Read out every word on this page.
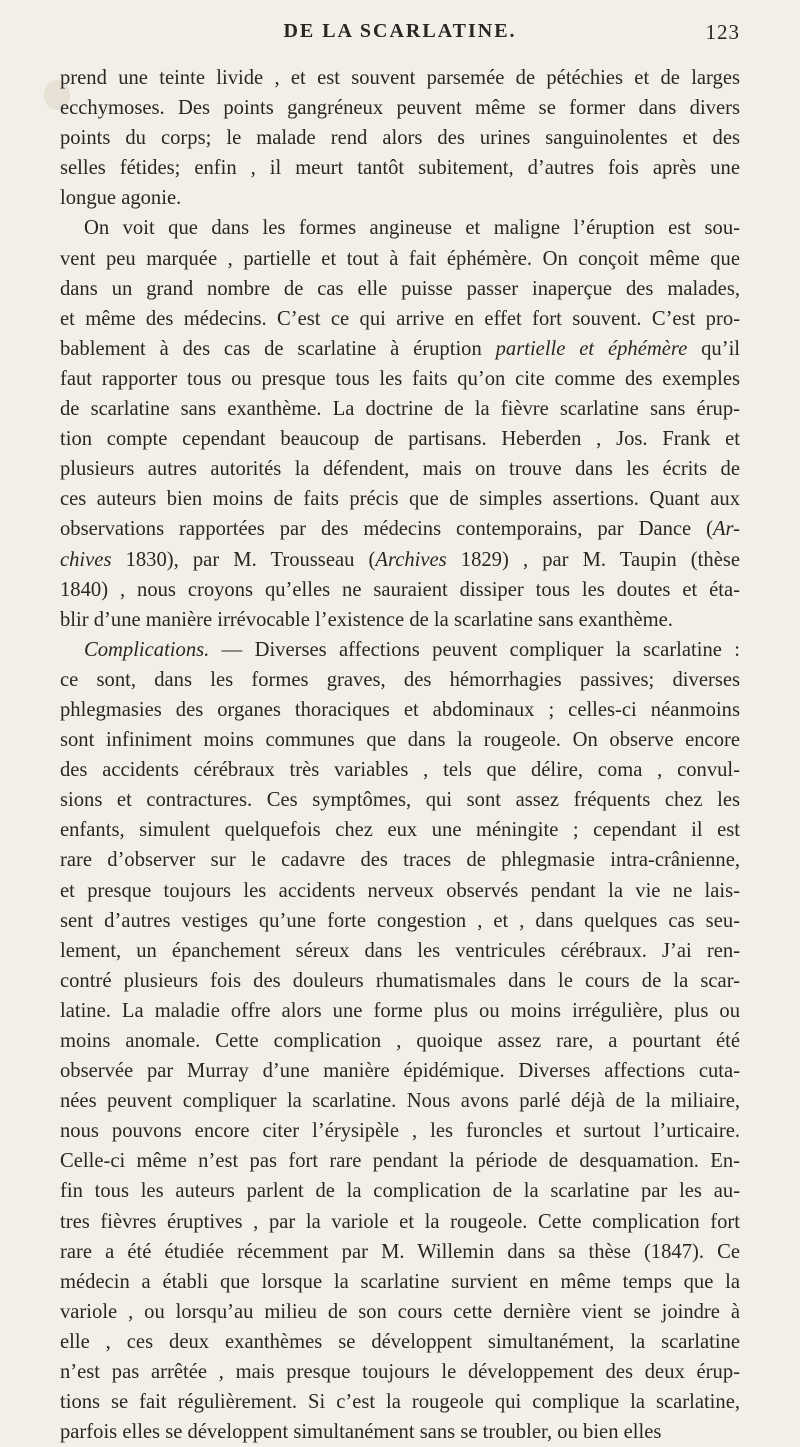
DE LA SCARLATINE.	123
prend une teinte livide , et est souvent parsemée de pétéchies et de larges
ecchymoses. Des points gangréneux peuvent même se former dans divers
points du corps; le malade rend alors des urines sanguinolentes et des
selles fétides; enfin , il meurt tantôt subitement, d’autres fois après une
longue agonie.
On voit que dans les formes angineuse et maligne l’éruption est sou-
vent peu marquée , partielle et tout à fait éphémère. On conçoit même que
dans un grand nombre de cas elle puisse passer inaperçue des malades,
et même des médecins. C’est ce qui arrive en effet fort souvent. C’est pro-
bablement à des cas de scarlatine à éruption partielle et éphémère qu’il
faut rapporter tous ou presque tous les faits qu’on cite comme des exemples
de scarlatine sans exanthème. La doctrine de la fièvre scarlatine sans érup-
tion compte cependant beaucoup de partisans. Heberden , Jos. Frank et
plusieurs autres autorités la défendent, mais on trouve dans les écrits de
ces auteurs bien moins de faits précis que de simples assertions. Quant aux
observations rapportées par des médecins contemporains, par Dance (Ar-
chives 1830), par M. Trousseau (Archives 1829) , par M. Taupin (thèse
1840) , nous croyons qu’elles ne sauraient dissiper tous les doutes et éta-
blir d’une manière irrévocable l’existence de la scarlatine sans exanthème.
Complications. — Diverses affections peuvent compliquer la scarlatine :
ce sont, dans les formes graves, des hémorrhagies passives; diverses
phlegmasies des organes thoraciques et abdominaux ; celles-ci néanmoins
sont infiniment moins communes que dans la rougeole. On observe encore
des accidents cérébraux très variables , tels que délire, coma , convul-
sions et contractures. Ces symptômes, qui sont assez fréquents chez les
enfants, simulent quelquefois chez eux une méningite ; cependant il est
rare d’observer sur le cadavre des traces de phlegmasie intra-crânienne,
et presque toujours les accidents nerveux observés pendant la vie ne lais-
sent d’autres vestiges qu’une forte congestion , et , dans quelques cas seu-
lement, un épanchement séreux dans les ventricules cérébraux. J’ai ren-
contré plusieurs fois des douleurs rhumatismales dans le cours de la scar-
latine. La maladie offre alors une forme plus ou moins irrégulière, plus ou
moins anomale. Cette complication , quoique assez rare, a pourtant été
observée par Murray d’une manière épidémique. Diverses affections cuta-
nées peuvent compliquer la scarlatine. Nous avons parlé déjà de la miliaire,
nous pouvons encore citer l’érysipèle , les furoncles et surtout l’urticaire.
Celle-ci même n’est pas fort rare pendant la période de desquamation. En-
fin tous les auteurs parlent de la complication de la scarlatine par les au-
tres fièvres éruptives , par la variole et la rougeole. Cette complication fort
rare a été étudiée récemment par M. Willemin dans sa thèse (1847). Ce
médecin a établi que lorsque la scarlatine survient en même temps que la
variole , ou lorsqu’au milieu de son cours cette dernière vient se joindre à
elle , ces deux exanthèmes se développent simultanément, la scarlatine
n’est pas arrêtée , mais presque toujours le développement des deux érup-
tions se fait régulièrement. Si c’est la rougeole qui complique la scarlatine,
parfois elles se développent simultanément sans se troubler, ou bien elles
